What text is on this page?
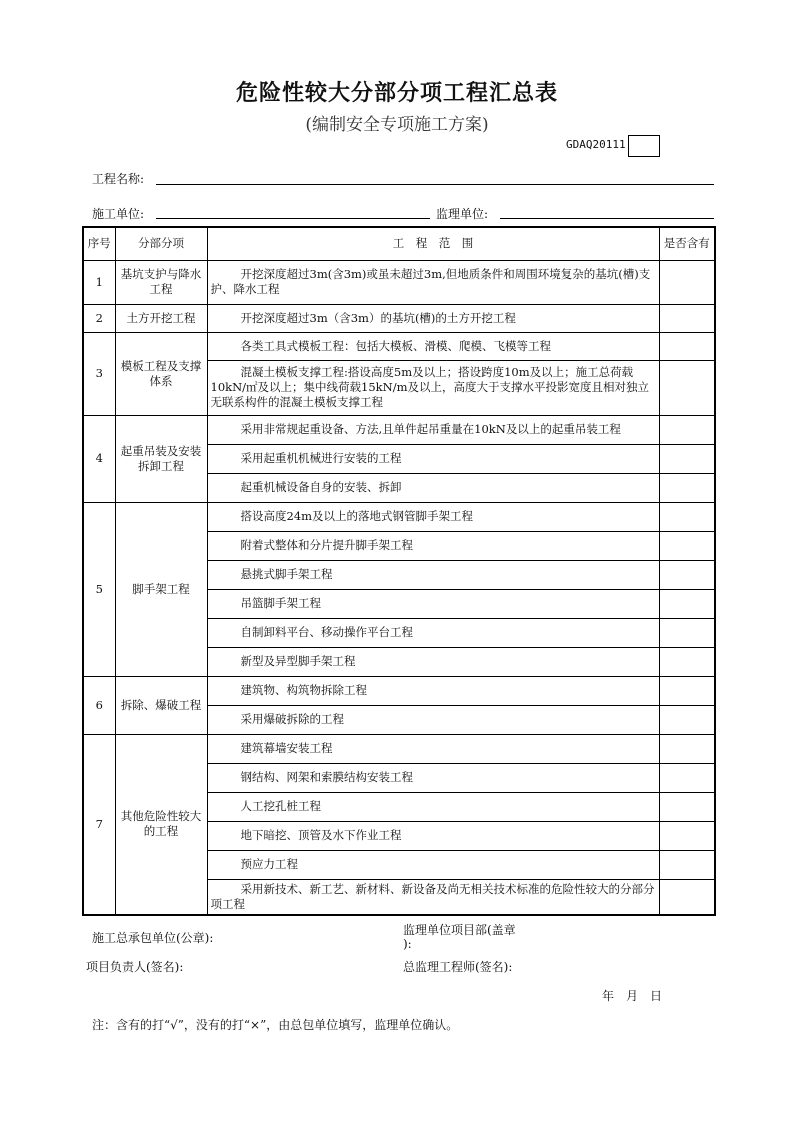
危险性较大分部分项工程汇总表
(编制安全专项施工方案)
GDAQ20111
工程名称:
施工单位:	监理单位:
序号	分部分项	工　程　范　围	是否含有
1	基坑支护与降水工程	开挖深度超过3m(含3m)或虽未超过3m,但地质条件和周围环境复杂的基坑(槽)支护、降水工程	
2	土方开挖工程	开挖深度超过3m（含3m）的基坑(槽)的土方开挖工程	
3	模板工程及支撑体系	各类工具式模板工程：包括大模板、滑模、爬模、飞模等工程	
		混凝土模板支撑工程:搭设高度5m及以上；搭设跨度10m及以上；施工总荷载10kN/㎡及以上；集中线荷载15kN/m及以上，高度大于支撑水平投影宽度且相对独立无联系构件的混凝土模板支撑工程	
4	起重吊装及安装拆卸工程	采用非常规起重设备、方法,且单件起吊重量在10kN及以上的起重吊装工程	
		采用起重机机械进行安装的工程	
		起重机械设备自身的安装、拆卸	
5	脚手架工程	搭设高度24m及以上的落地式钢管脚手架工程	
		附着式整体和分片提升脚手架工程	
		悬挑式脚手架工程	
		吊篮脚手架工程	
		自制卸料平台、移动操作平台工程	
		新型及异型脚手架工程	
6	拆除、爆破工程	建筑物、构筑物拆除工程	
		采用爆破拆除的工程	
7	其他危险性较大的工程	建筑幕墙安装工程	
		钢结构、网架和索膜结构安装工程	
		人工挖孔桩工程	
		地下暗挖、顶管及水下作业工程	
		预应力工程	
		采用新技术、新工艺、新材料、新设备及尚无相关技术标准的危险性较大的分部分项工程	
施工总承包单位(公章):
监理单位项目部(盖章
):
项目负责人(签名):	总监理工程师(签名):
年　月　日
注：含有的打“√”，没有的打“×”，由总包单位填写，监理单位确认。
